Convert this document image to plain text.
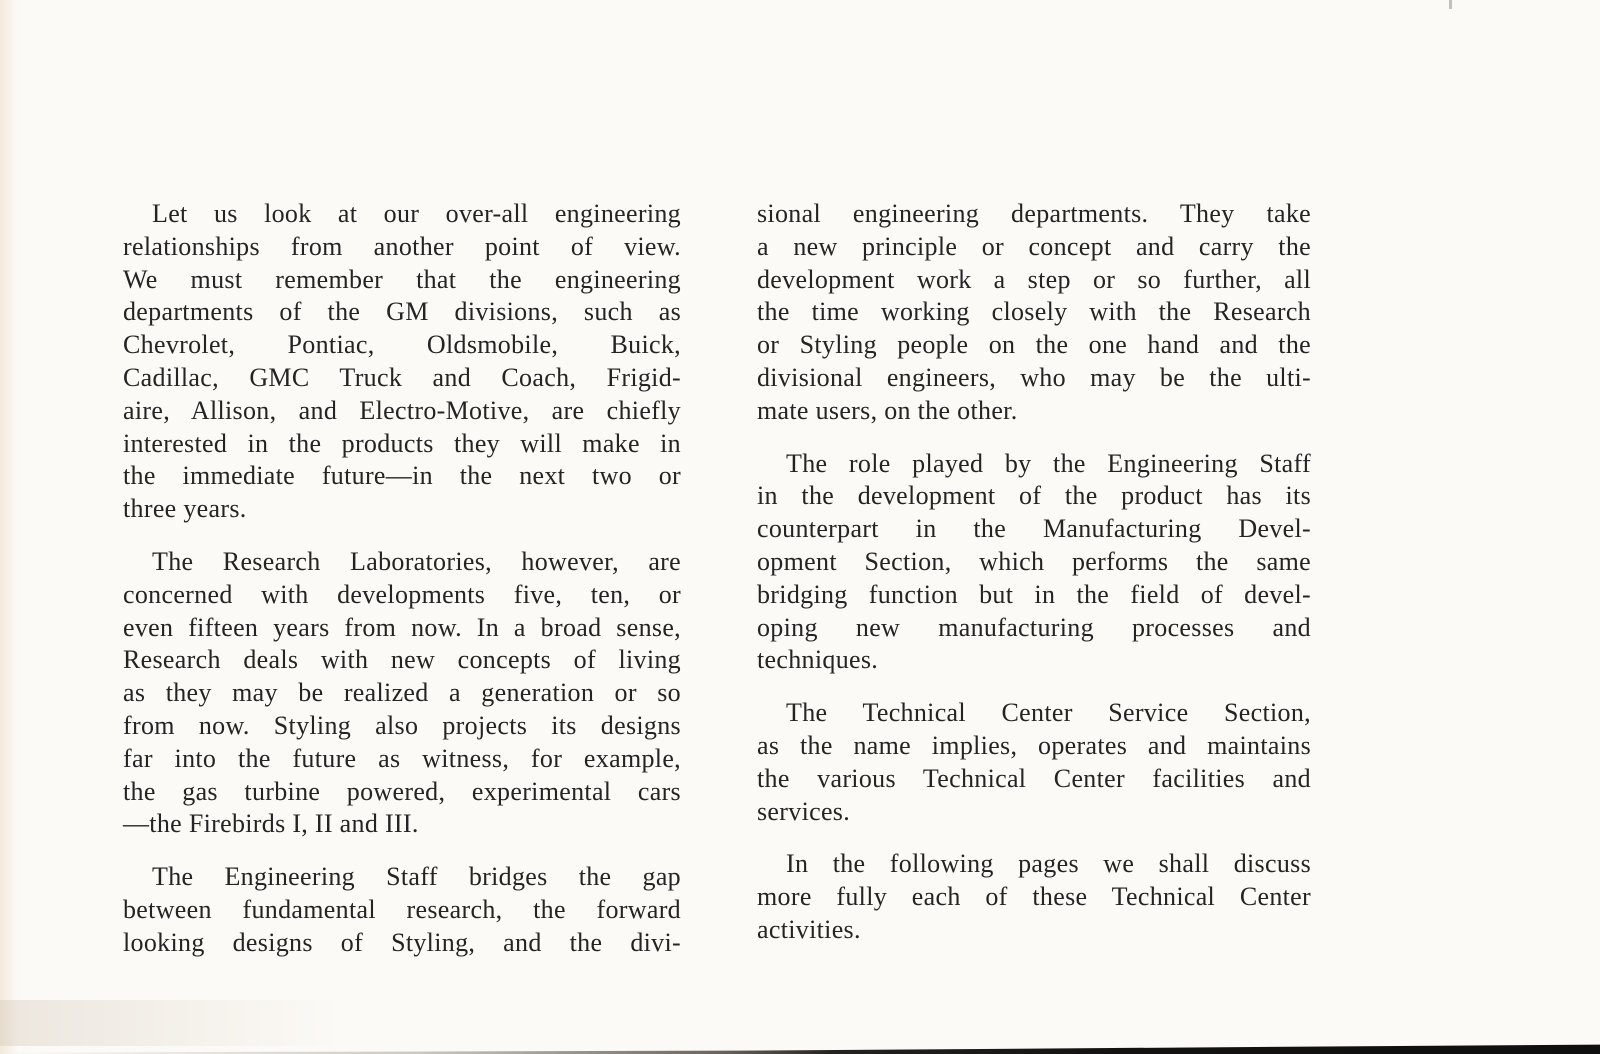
Let us look at our over-all engineering
relationships from another point of view.
We must remember that the engineering
departments of the GM divisions, such as
Chevrolet, Pontiac, Oldsmobile, Buick,
Cadillac, GMC Truck and Coach, Frigid-
aire, Allison, and Electro-Motive, are chiefly
interested in the products they will make in
the immediate future—in the next two or
three years.

The Research Laboratories, however, are
concerned with developments five, ten, or
even fifteen years from now. In a broad sense,
Research deals with new concepts of living
as they may be realized a generation or so
from now. Styling also projects its designs
far into the future as witness, for example,
the gas turbine powered, experimental cars
—the Firebirds I, II and III.

The Engineering Staff bridges the gap
between fundamental research, the forward
looking designs of Styling, and the divi-

sional engineering departments. They take
a new principle or concept and carry the
development work a step or so further, all
the time working closely with the Research
or Styling people on the one hand and the
divisional engineers, who may be the ulti-
mate users, on the other.

The role played by the Engineering Staff
in the development of the product has its
counterpart in the Manufacturing Devel-
opment Section, which performs the same
bridging function but in the field of devel-
oping new manufacturing processes and
techniques.

The Technical Center Service Section,
as the name implies, operates and maintains
the various Technical Center facilities and
services.

In the following pages we shall discuss
more fully each of these Technical Center
activities.
